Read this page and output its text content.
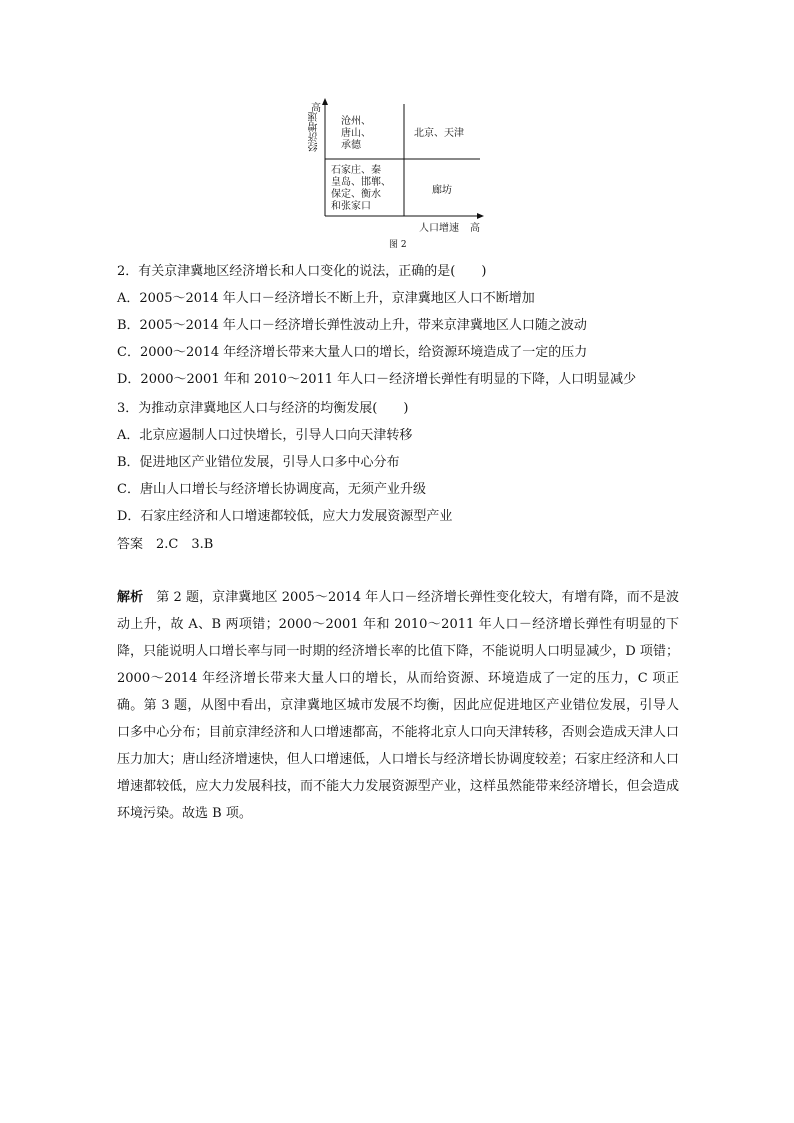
高
经济增速 沧州、
唐山、
承德
北京、天津
石家庄、秦
皇岛、邯郸、
保定、衡水
和张家口
廊坊
人口增速 高
图 2
2．有关京津冀地区经济增长和人口变化的说法，正确的是(　　)
A．2005～2014 年人口－经济增长不断上升，京津冀地区人口不断增加
B．2005～2014 年人口－经济增长弹性波动上升，带来京津冀地区人口随之波动
C．2000～2014 年经济增长带来大量人口的增长，给资源环境造成了一定的压力
D．2000～2001 年和 2010～2011 年人口－经济增长弹性有明显的下降，人口明显减少
3．为推动京津冀地区人口与经济的均衡发展(　　)
A．北京应遏制人口过快增长，引导人口向天津转移
B．促进地区产业错位发展，引导人口多中心分布
C．唐山人口增长与经济增长协调度高，无须产业升级
D．石家庄经济和人口增速都较低，应大力发展资源型产业
答案　2.C　3.B
解析　 第 2 题，京津冀地区 2005～2014 年人口－经济增长弹性变化较大，有增有降，而不是波动上升，故 A、B 两项错；2000～2001 年和 2010～2011 年人口－经济增长弹性有明显的下降，只能说明人口增长率与同一时期的经济增长率的比值下降，不能说明人口明显减少，D 项错；2000～2014 年经济增长带来大量人口的增长，从而给资源、环境造成了一定的压力，C 项正确。第 3 题，从图中看出，京津冀地区城市发展不均衡，因此应促进地区产业错位发展，引导人口多中心分布；目前京津经济和人口增速都高，不能将北京人口向天津转移，否则会造成天津人口压力加大；唐山经济增速快，但人口增速低，人口增长与经济增长协调度较差；石家庄经济和人口增速都较低，应大力发展科技，而不能大力发展资源型产业，这样虽然能带来经济增长，但会造成环境污染。故选 B 项。
